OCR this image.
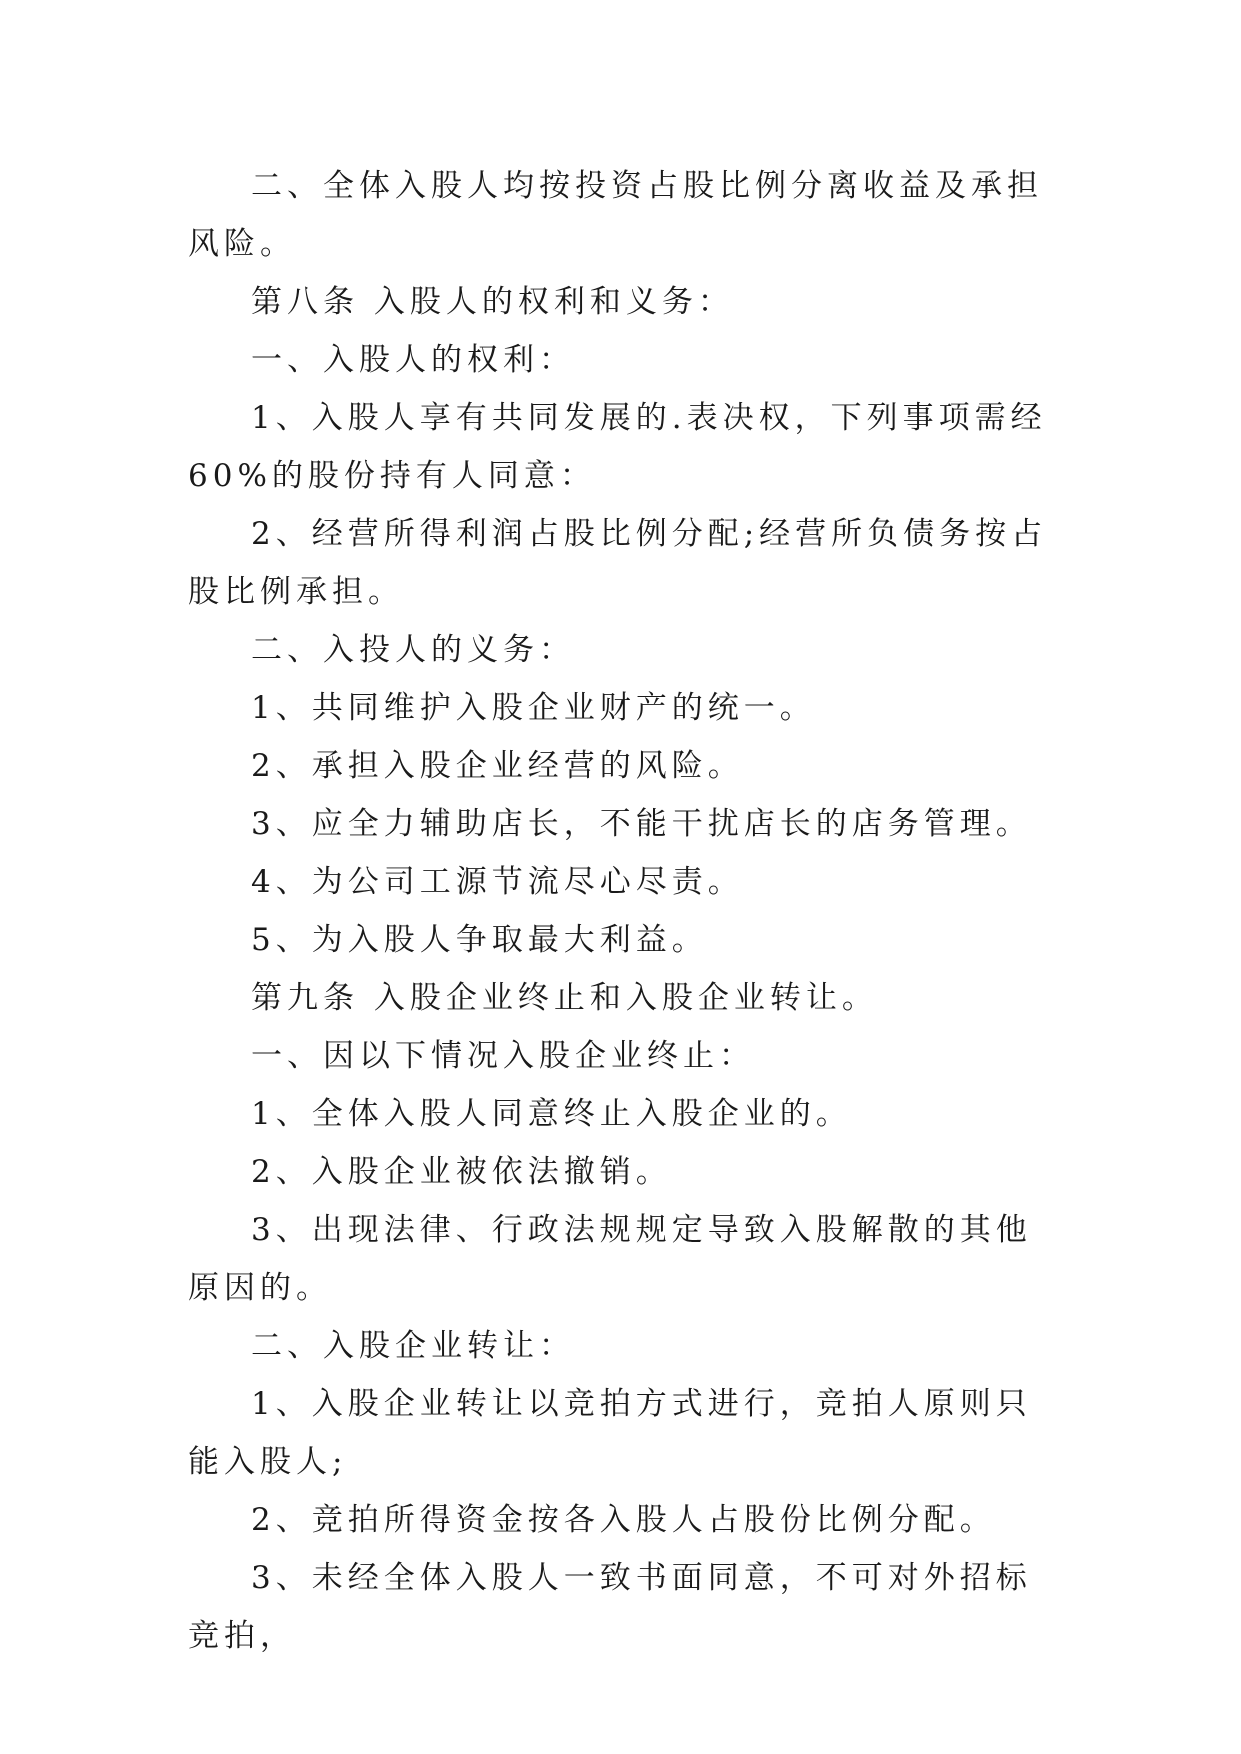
二、全体入股人均按投资占股比例分离收益及承担风险。

第八条 入股人的权利和义务：

一、入股人的权利：

1、入股人享有共同发展的.表决权，下列事项需经 60%的股份持有人同意：

2、经营所得利润占股比例分配;经营所负债务按占股比例承担。

二、入投人的义务：

1、共同维护入股企业财产的统一。

2、承担入股企业经营的风险。

3、应全力辅助店长，不能干扰店长的店务管理。

4、为公司工源节流尽心尽责。

5、为入股人争取最大利益。

第九条 入股企业终止和入股企业转让。

一、因以下情况入股企业终止：

1、全体入股人同意终止入股企业的。

2、入股企业被依法撤销。

3、出现法律、行政法规规定导致入股解散的其他原因的。

二、入股企业转让：

1、入股企业转让以竞拍方式进行，竞拍人原则只能入股人;

2、竞拍所得资金按各入股人占股份比例分配。

3、未经全体入股人一致书面同意，不可对外招标竞拍，
